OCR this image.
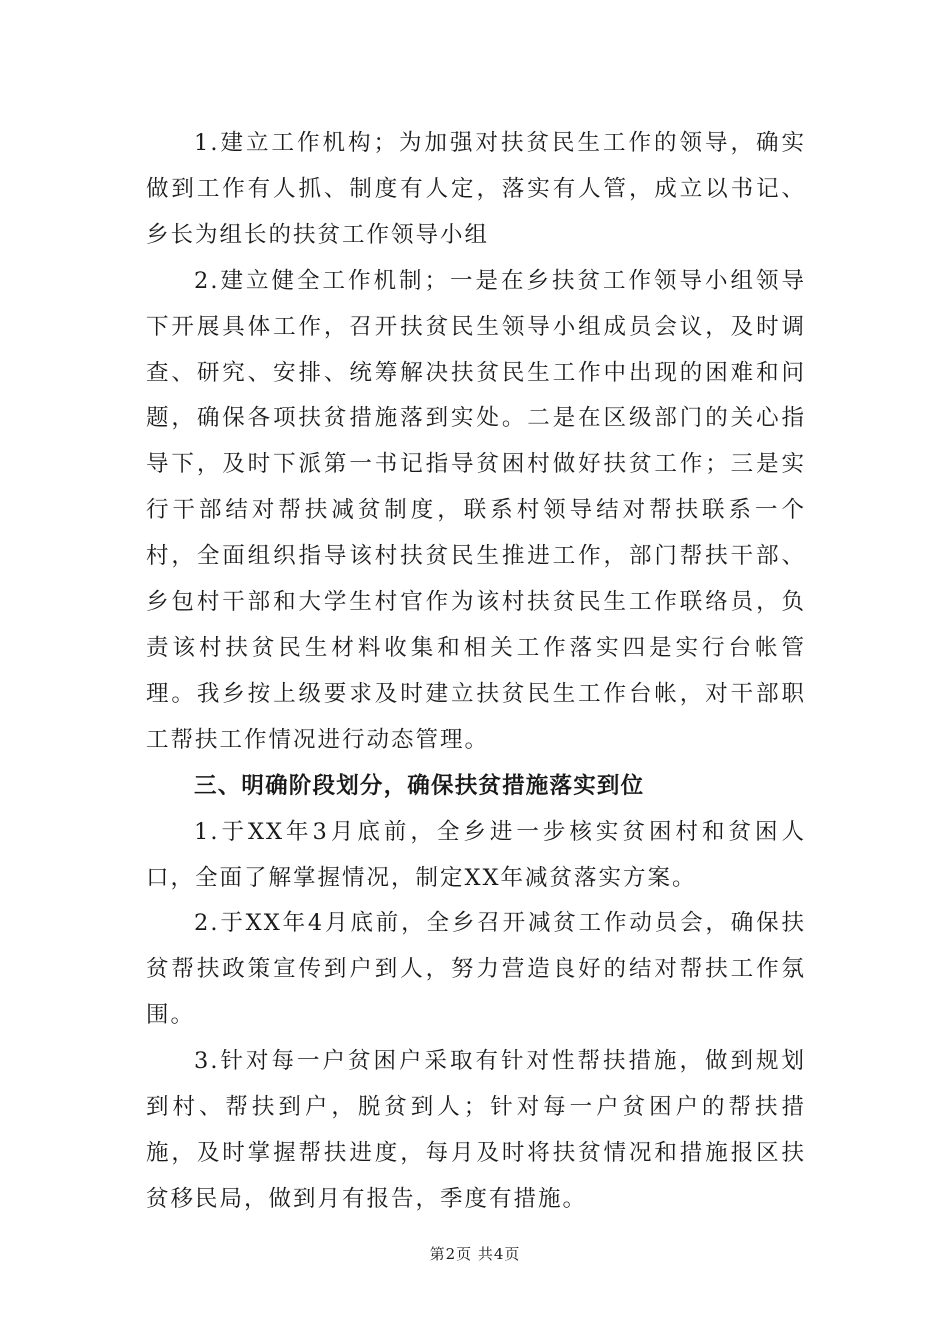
1.建立工作机构；为加强对扶贫民生工作的领导，确实做到工作有人抓、制度有人定，落实有人管，成立以书记、乡长为组长的扶贫工作领导小组

2.建立健全工作机制；一是在乡扶贫工作领导小组领导下开展具体工作，召开扶贫民生领导小组成员会议，及时调查、研究、安排、统筹解决扶贫民生工作中出现的困难和问题，确保各项扶贫措施落到实处。二是在区级部门的关心指导下，及时下派第一书记指导贫困村做好扶贫工作；三是实行干部结对帮扶减贫制度，联系村领导结对帮扶联系一个村，全面组织指导该村扶贫民生推进工作，部门帮扶干部、乡包村干部和大学生村官作为该村扶贫民生工作联络员，负责该村扶贫民生材料收集和相关工作落实四是实行台帐管理。我乡按上级要求及时建立扶贫民生工作台帐，对干部职工帮扶工作情况进行动态管理。

三、明确阶段划分，确保扶贫措施落实到位

1.于XX年3月底前，全乡进一步核实贫困村和贫困人口，全面了解掌握情况，制定XX年减贫落实方案。

2.于XX年4月底前，全乡召开减贫工作动员会，确保扶贫帮扶政策宣传到户到人，努力营造良好的结对帮扶工作氛围。

3.针对每一户贫困户采取有针对性帮扶措施，做到规划到村、帮扶到户，脱贫到人；针对每一户贫困户的帮扶措施，及时掌握帮扶进度，每月及时将扶贫情况和措施报区扶贫移民局，做到月有报告，季度有措施。

第2页 共4页
